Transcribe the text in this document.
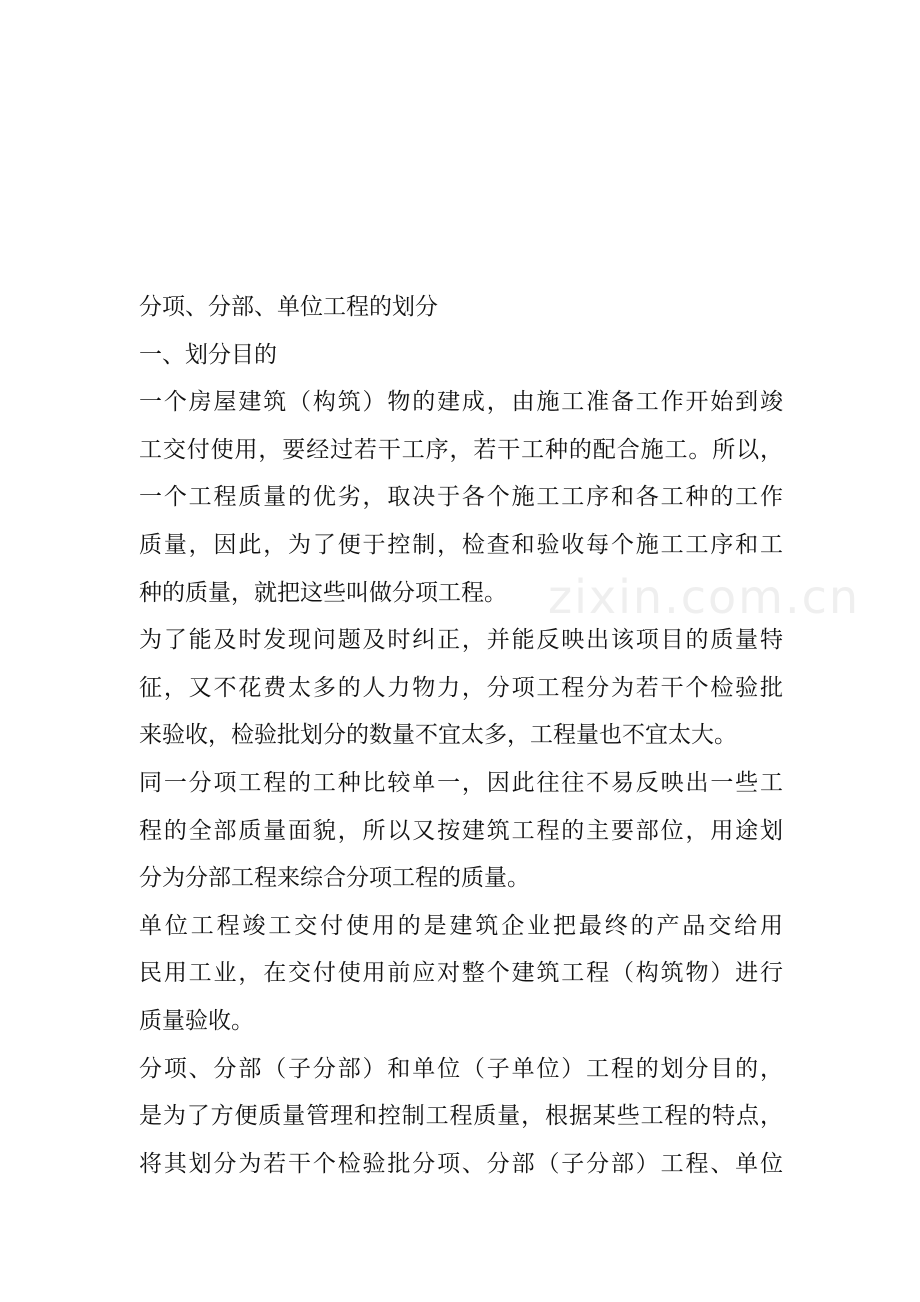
zixin.com.cn
分项、分部、单位工程的划分
一、划分目的
一个房屋建筑（构筑）物的建成，由施工准备工作开始到竣
工交付使用，要经过若干工序，若干工种的配合施工。所以，
一个工程质量的优劣，取决于各个施工工序和各工种的工作
质量，因此，为了便于控制，检查和验收每个施工工序和工
种的质量，就把这些叫做分项工程。
为了能及时发现问题及时纠正，并能反映出该项目的质量特
征，又不花费太多的人力物力，分项工程分为若干个检验批
来验收，检验批划分的数量不宜太多，工程量也不宜太大。
同一分项工程的工种比较单一，因此往往不易反映出一些工
程的全部质量面貌，所以又按建筑工程的主要部位，用途划
分为分部工程来综合分项工程的质量。
单位工程竣工交付使用的是建筑企业把最终的产品交给用
民用工业，在交付使用前应对整个建筑工程（构筑物）进行
质量验收。
分项、分部（子分部）和单位（子单位）工程的划分目的，
是为了方便质量管理和控制工程质量，根据某些工程的特点，
将其划分为若干个检验批分项、分部（子分部）工程、单位
